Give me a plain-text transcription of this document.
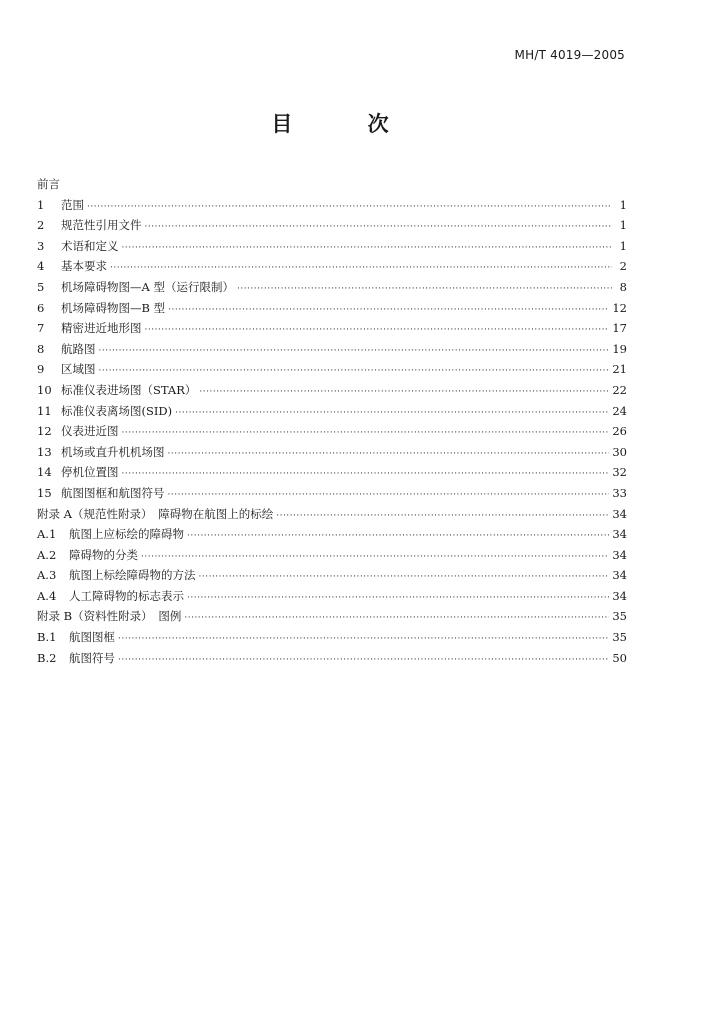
MH/T 4019—2005
目 次
前言
1	范围 ·····	1
2	规范性引用文件 ·····	1
3	术语和定义 ·····	1
4	基本要求 ·····	2
5	机场障碍物图—A 型（运行限制） ·····	8
6	机场障碍物图—B 型 ·····	12
7	精密进近地形图 ·····	17
8	航路图 ·····	19
9	区域图 ·····	21
10 标准仪表进场图（STAR） ·····	22
11 标准仪表离场图(SID) ·····	24
12 仪表进近图 ·····	26
13 机场或直升机机场图 ·····	30
14 停机位置图 ·····	32
15 航图图框和航图符号 ·····	33
附录 A（规范性附录）　障碍物在航图上的标绘 ·····	34
A.1	航图上应标绘的障碍物 ·····	34
A.2	障碍物的分类 ·····	34
A.3	航图上标绘障碍物的方法 ·····	34
A.4	人工障碍物的标志表示 ·····	34
附录 B（资料性附录）　图例 ·····	35
B.1	航图图框 ·····	35
B.2	航图符号 ·····	50
